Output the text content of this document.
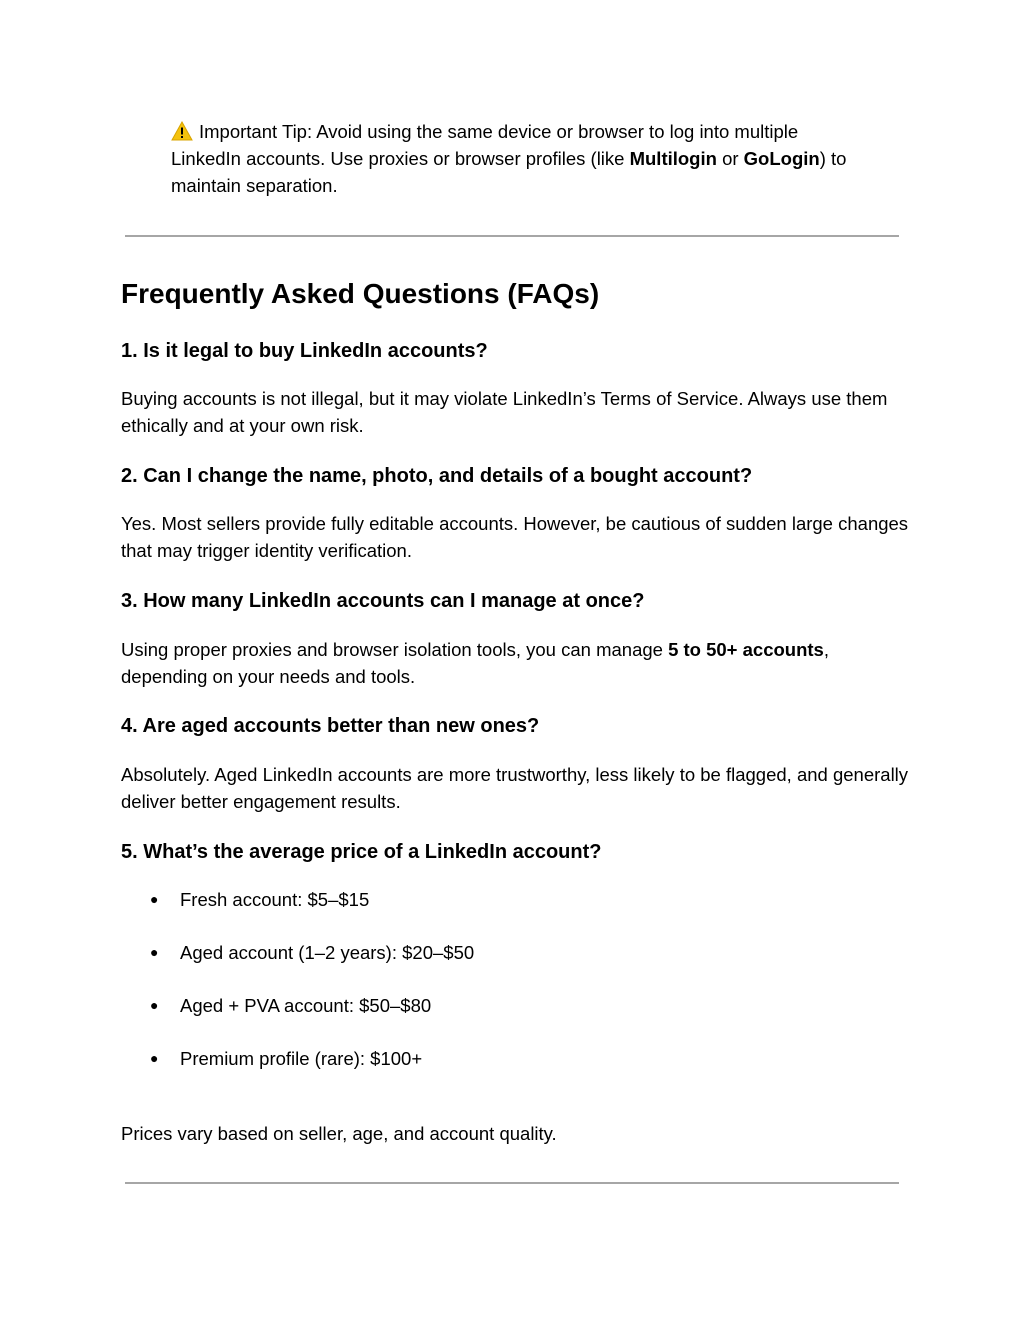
Important Tip: Avoid using the same device or browser to log into multiple LinkedIn accounts. Use proxies or browser profiles (like Multilogin or GoLogin) to maintain separation.
Frequently Asked Questions (FAQs)
1. Is it legal to buy LinkedIn accounts?

Buying accounts is not illegal, but it may violate LinkedIn’s Terms of Service. Always use them ethically and at your own risk.

2. Can I change the name, photo, and details of a bought account?

Yes. Most sellers provide fully editable accounts. However, be cautious of sudden large changes that may trigger identity verification.

3. How many LinkedIn accounts can I manage at once?

Using proper proxies and browser isolation tools, you can manage 5 to 50+ accounts, depending on your needs and tools.

4. Are aged accounts better than new ones?

Absolutely. Aged LinkedIn accounts are more trustworthy, less likely to be flagged, and generally deliver better engagement results.

5. What’s the average price of a LinkedIn account?
● Fresh account: $5–$15
● Aged account (1–2 years): $20–$50
● Aged + PVA account: $50–$80
● Premium profile (rare): $100+

Prices vary based on seller, age, and account quality.
